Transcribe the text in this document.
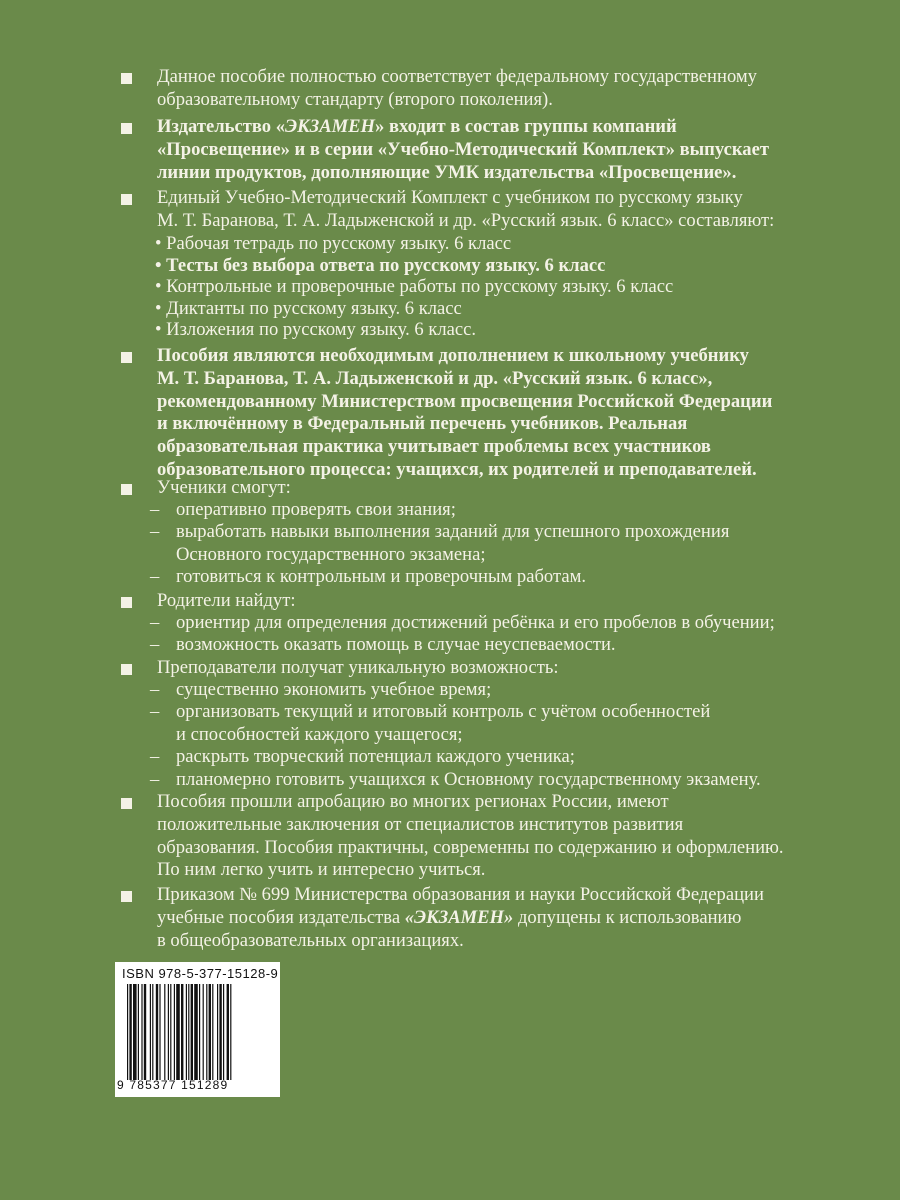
Данное пособие полностью соответствует федеральному государственному
образовательному стандарту (второго поколения).
Издательство «ЭКЗАМЕН» входит в состав группы компаний
«Просвещение» и в серии «Учебно-Методический Комплект» выпускает
линии продуктов, дополняющие УМК издательства «Просвещение».
Единый Учебно-Методический Комплект с учебником по русскому языку
М. Т. Баранова, Т. А. Ладыженской и др. «Русский язык. 6 класс» составляют:
• Рабочая тетрадь по русскому языку. 6 класс
• Тесты без выбора ответа по русскому языку. 6 класс
• Контрольные и проверочные работы по русскому языку. 6 класс
• Диктанты по русскому языку. 6 класс
• Изложения по русскому языку. 6 класс.
Пособия являются необходимым дополнением к школьному учебнику
М. Т. Баранова, Т. А. Ладыженской и др. «Русский язык. 6 класс»,
рекомендованному Министерством просвещения Российской Федерации
и включённому в Федеральный перечень учебников. Реальная
образовательная практика учитывает проблемы всех участников
образовательного процесса: учащихся, их родителей и преподавателей.
Ученики смогут:
– оперативно проверять свои знания;
– выработать навыки выполнения заданий для успешного прохождения
Основного государственного экзамена;
– готовиться к контрольным и проверочным работам.
Родители найдут:
– ориентир для определения достижений ребёнка и его пробелов в обучении;
– возможность оказать помощь в случае неуспеваемости.
Преподаватели получат уникальную возможность:
– существенно экономить учебное время;
– организовать текущий и итоговый контроль с учётом особенностей
и способностей каждого учащегося;
– раскрыть творческий потенциал каждого ученика;
– планомерно готовить учащихся к Основному государственному экзамену.
Пособия прошли апробацию во многих регионах России, имеют
положительные заключения от специалистов институтов развития
образования. Пособия практичны, современны по содержанию и оформлению.
По ним легко учить и интересно учиться.
Приказом № 699 Министерства образования и науки Российской Федерации
учебные пособия издательства «ЭКЗАМЕН» допущены к использованию
в общеобразовательных организациях.
ISBN 978-5-377-15128-9
9 785377 151289
